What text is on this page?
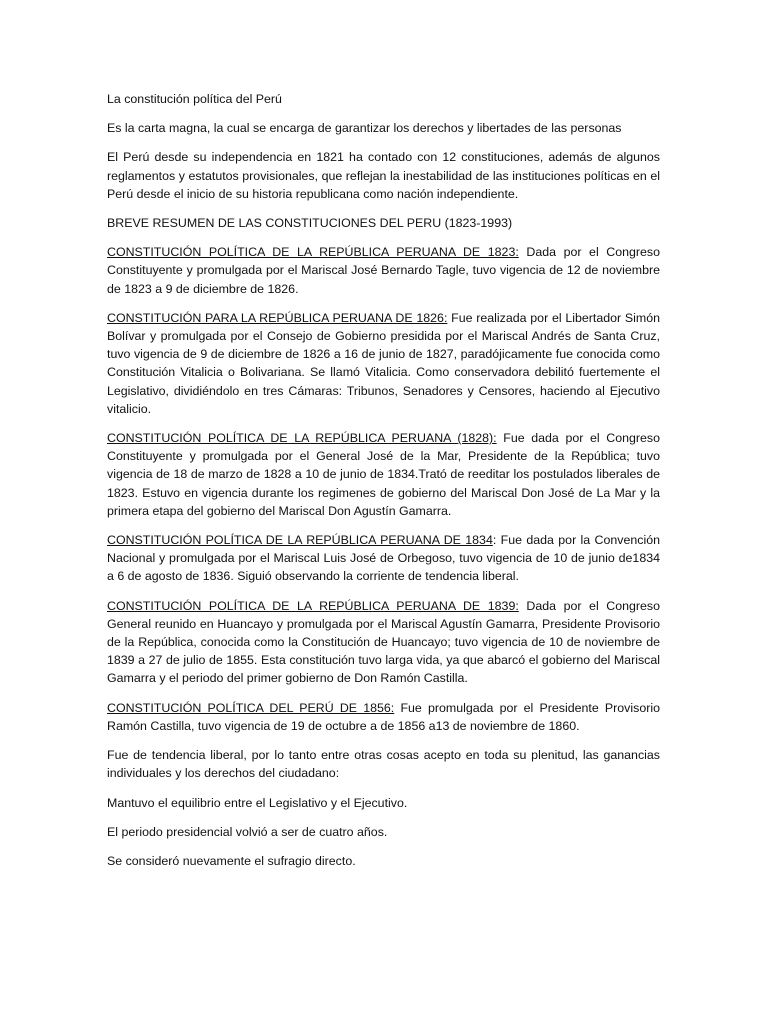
La constitución política del Perú

Es la carta magna, la cual se encarga de garantizar los derechos y libertades de las personas

El Perú desde su independencia en 1821 ha contado con 12 constituciones, además de algunos reglamentos y estatutos provisionales, que reflejan la inestabilidad de las instituciones políticas en el Perú desde el inicio de su historia republicana como nación independiente.

BREVE RESUMEN DE LAS CONSTITUCIONES DEL PERU (1823-1993)

CONSTITUCIÓN POLÍTICA DE LA REPÚBLICA PERUANA DE 1823: Dada por el Congreso Constituyente y promulgada por el Mariscal José Bernardo Tagle, tuvo vigencia de 12 de noviembre de 1823 a 9 de diciembre de 1826.

CONSTITUCIÓN PARA LA REPÚBLICA PERUANA DE 1826: Fue realizada por el Libertador Simón Bolívar y promulgada por el Consejo de Gobierno presidida por el Mariscal Andrés de Santa Cruz, tuvo vigencia de 9 de diciembre de 1826 a 16 de junio de 1827, paradójicamente fue conocida como Constitución Vitalicia o Bolivariana. Se llamó Vitalicia. Como conservadora debilitó fuertemente el Legislativo, dividiéndolo en tres Cámaras: Tribunos, Senadores y Censores, haciendo al Ejecutivo vitalicio.

CONSTITUCIÓN POLÍTICA DE LA REPÚBLICA PERUANA (1828): Fue dada por el Congreso Constituyente y promulgada por el General José de la Mar, Presidente de la República; tuvo vigencia de 18 de marzo de 1828 a 10 de junio de 1834.Trató de reeditar los postulados liberales de 1823. Estuvo en vigencia durante los regimenes de gobierno del Mariscal Don José de La Mar y la primera etapa del gobierno del Mariscal Don Agustín Gamarra.

CONSTITUCIÓN POLÍTICA DE LA REPÚBLICA PERUANA DE 1834: Fue dada por la Convención Nacional y promulgada por el Mariscal Luis José de Orbegoso, tuvo vigencia de 10 de junio de1834 a 6 de agosto de 1836. Siguió observando la corriente de tendencia liberal.

CONSTITUCIÓN POLÍTICA DE LA REPÚBLICA PERUANA DE 1839: Dada por el Congreso General reunido en Huancayo y promulgada por el Mariscal Agustín Gamarra, Presidente Provisorio de la República, conocida como la Constitución de Huancayo; tuvo vigencia de 10 de noviembre de 1839 a 27 de julio de 1855. Esta constitución tuvo larga vida, ya que abarcó el gobierno del Mariscal Gamarra y el periodo del primer gobierno de Don Ramón Castilla.

CONSTITUCIÓN POLÍTICA DEL PERÚ DE 1856: Fue promulgada por el Presidente Provisorio Ramón Castilla, tuvo vigencia de 19 de octubre a de 1856 a13 de noviembre de 1860.

Fue de tendencia liberal, por lo tanto entre otras cosas acepto en toda su plenitud, las ganancias individuales y los derechos del ciudadano:

Mantuvo el equilibrio entre el Legislativo y el Ejecutivo.

El periodo presidencial volvió a ser de cuatro años.

Se consideró nuevamente el sufragio directo.
